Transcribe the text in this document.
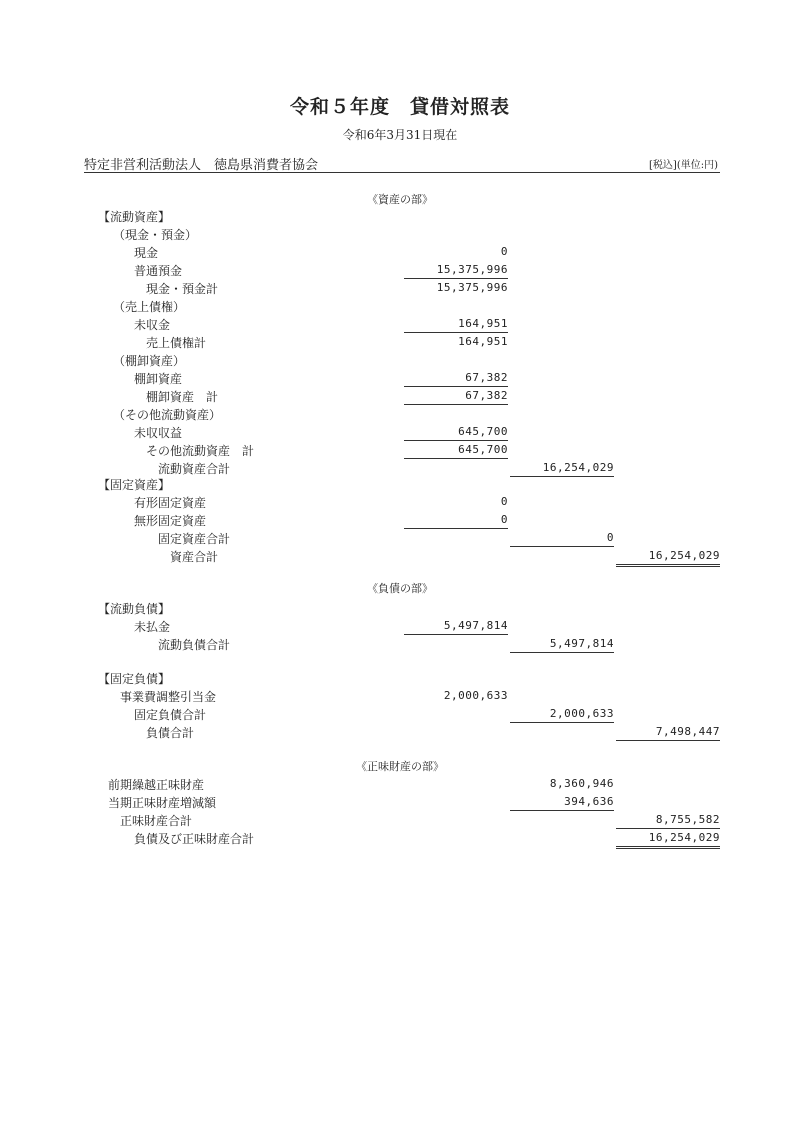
令和５年度　貸借対照表
令和6年3月31日現在
特定非営利活動法人　徳島県消費者協会	[税込](単位:円)
《資産の部》
《負債の部》
《正味財産の部》
【流動資産】
（現金・預金）
現金	0
普通預金	15,375,996
現金・預金計	15,375,996
（売上債権）
未収金	164,951
売上債権計	164,951
（棚卸資産）
棚卸資産	67,382
棚卸資産　計	67,382
（その他流動資産）
未収収益	645,700
その他流動資産　計	645,700
流動資産合計	16,254,029
【固定資産】
有形固定資産	0
無形固定資産	0
固定資産合計	0
資産合計	16,254,029
【流動負債】
未払金	5,497,814
流動負債合計	5,497,814
【固定負債】
事業費調整引当金	2,000,633
固定負債合計	2,000,633
負債合計	7,498,447
前期繰越正味財産	8,360,946
当期正味財産増減額	394,636
正味財産合計	8,755,582
負債及び正味財産合計	16,254,029
